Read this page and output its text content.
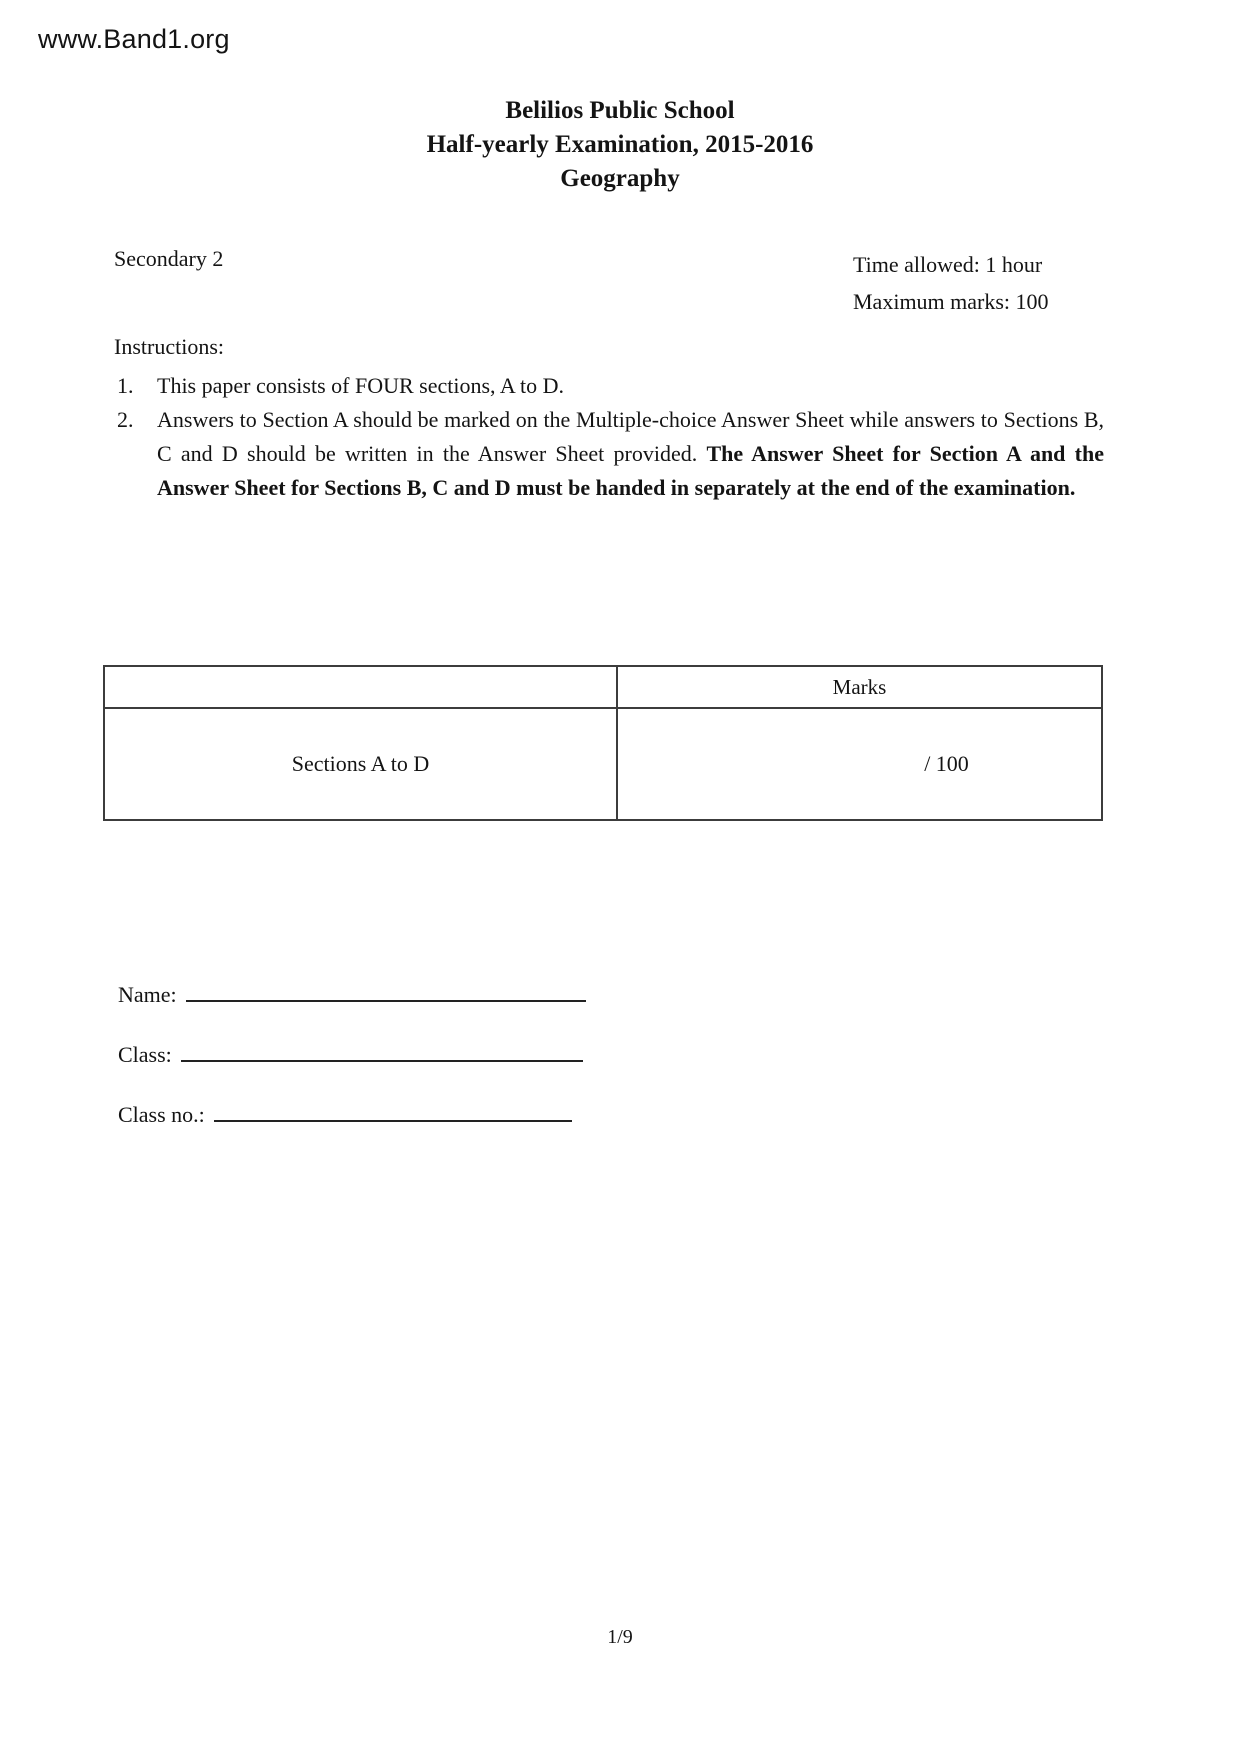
www.Band1.org
Belilios Public School
Half-yearly Examination, 2015-2016
Geography
Secondary 2	Time allowed: 1 hour
Maximum marks: 100
Instructions:
1.	This paper consists of FOUR sections, A to D.
2.	Answers to Section A should be marked on the Multiple-choice Answer Sheet while answers to Sections B, C and D should be written in the Answer Sheet provided. The Answer Sheet for Section A and the Answer Sheet for Sections B, C and D must be handed in separately at the end of the examination.
	Marks
Sections A to D	/ 100
Name:
Class:
Class no.:
1/9
